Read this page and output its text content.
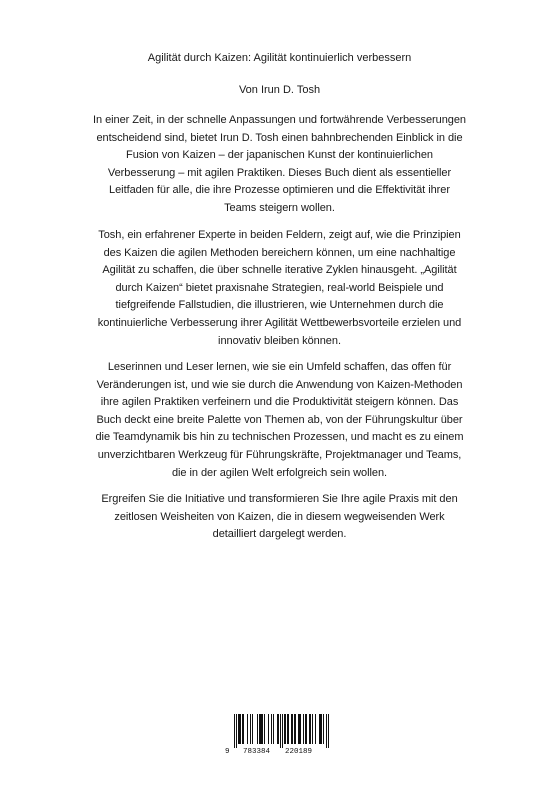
Agilität durch Kaizen: Agilität kontinuierlich verbessern

Von Irun D. Tosh

In einer Zeit, in der schnelle Anpassungen und fortwährende Verbesserungen entscheidend sind, bietet Irun D. Tosh einen bahnbrechenden Einblick in die Fusion von Kaizen – der japanischen Kunst der kontinuierlichen Verbesserung – mit agilen Praktiken. Dieses Buch dient als essentieller Leitfaden für alle, die ihre Prozesse optimieren und die Effektivität ihrer Teams steigern wollen.

Tosh, ein erfahrener Experte in beiden Feldern, zeigt auf, wie die Prinzipien des Kaizen die agilen Methoden bereichern können, um eine nachhaltige Agilität zu schaffen, die über schnelle iterative Zyklen hinausgeht. „Agilität durch Kaizen“ bietet praxisnahe Strategien, real-world Beispiele und tiefgreifende Fallstudien, die illustrieren, wie Unternehmen durch die kontinuierliche Verbesserung ihrer Agilität Wettbewerbsvorteile erzielen und innovativ bleiben können.

Leserinnen und Leser lernen, wie sie ein Umfeld schaffen, das offen für Veränderungen ist, und wie sie durch die Anwendung von Kaizen-Methoden ihre agilen Praktiken verfeinern und die Produktivität steigern können. Das Buch deckt eine breite Palette von Themen ab, von der Führungskultur über die Teamdynamik bis hin zu technischen Prozessen, und macht es zu einem unverzichtbaren Werkzeug für Führungskräfte, Projektmanager und Teams, die in der agilen Welt erfolgreich sein wollen.

Ergreifen Sie die Initiative und transformieren Sie Ihre agile Praxis mit den zeitlosen Weisheiten von Kaizen, die in diesem wegweisenden Werk detailliert dargelegt werden.

9 783384 220189
